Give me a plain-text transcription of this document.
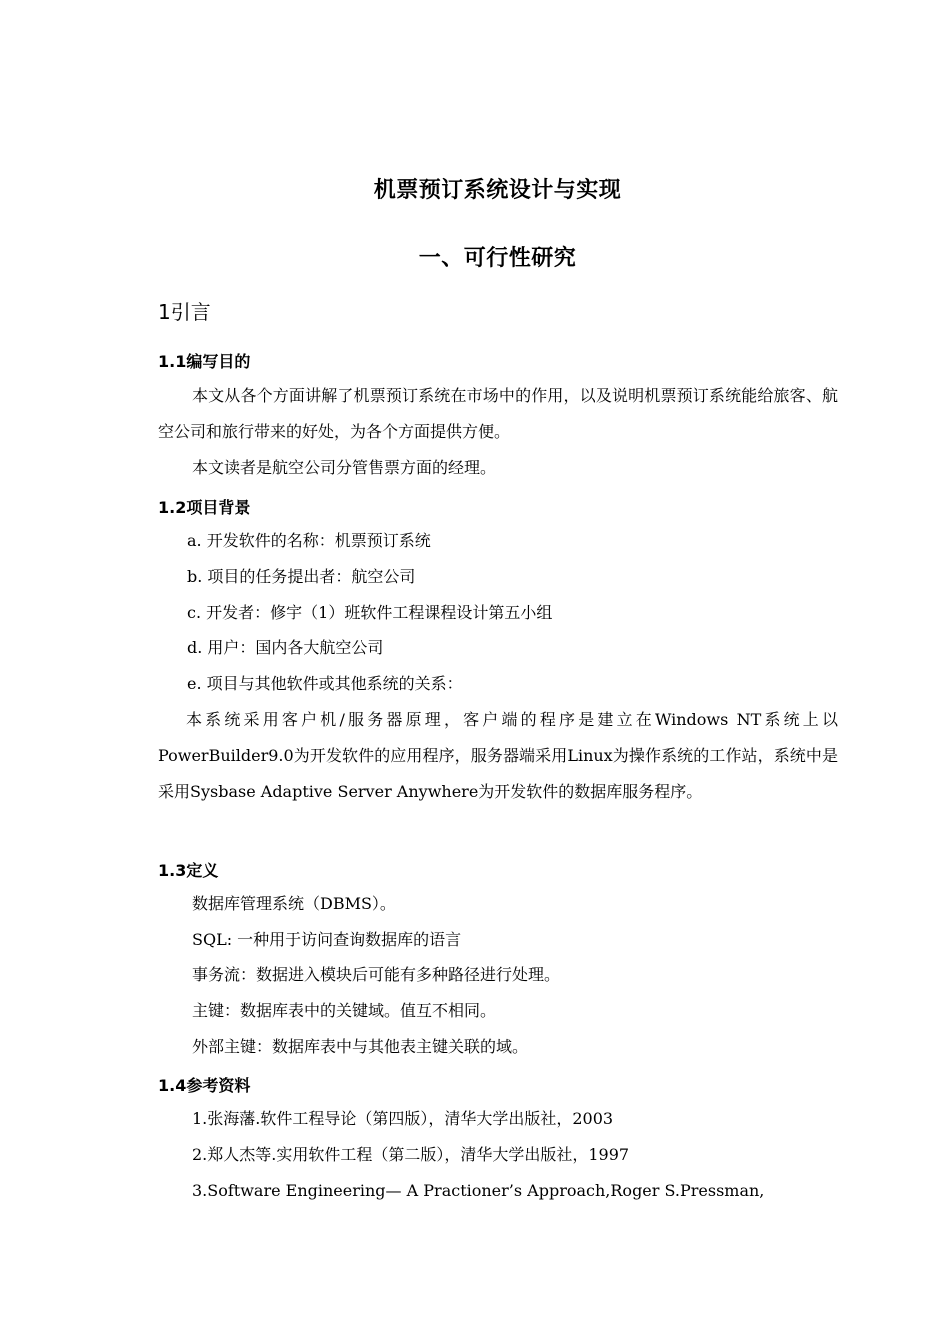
机票预订系统设计与实现
一、可行性研究
1引言
1.1编写目的
本文从各个方面讲解了机票预订系统在市场中的作用，以及说明机票预订系统能给旅客、航空公司和旅行带来的好处，为各个方面提供方便。
本文读者是航空公司分管售票方面的经理。
1.2项目背景
a. 开发软件的名称：机票预订系统
b. 项目的任务提出者：航空公司
c. 开发者：修宇（1）班软件工程课程设计第五小组
d. 用户：国内各大航空公司
e. 项目与其他软件或其他系统的关系：
本系统采用客户机/服务器原理，客户端的程序是建立在Windows NT系统上以PowerBuilder9.0为开发软件的应用程序，服务器端采用Linux为操作系统的工作站，系统中是采用Sysbase Adaptive Server Anywhere为开发软件的数据库服务程序。
1.3定义
数据库管理系统（DBMS）。
SQL: 一种用于访问查询数据库的语言
事务流：数据进入模块后可能有多种路径进行处理。
主键：数据库表中的关键域。值互不相同。
外部主键：数据库表中与其他表主键关联的域。
1.4参考资料
1.张海藩.软件工程导论（第四版），清华大学出版社，2003
2.郑人杰等.实用软件工程（第二版），清华大学出版社，1997
3.Software Engineering— A Practioner’s Approach,Roger S.Pressman,
